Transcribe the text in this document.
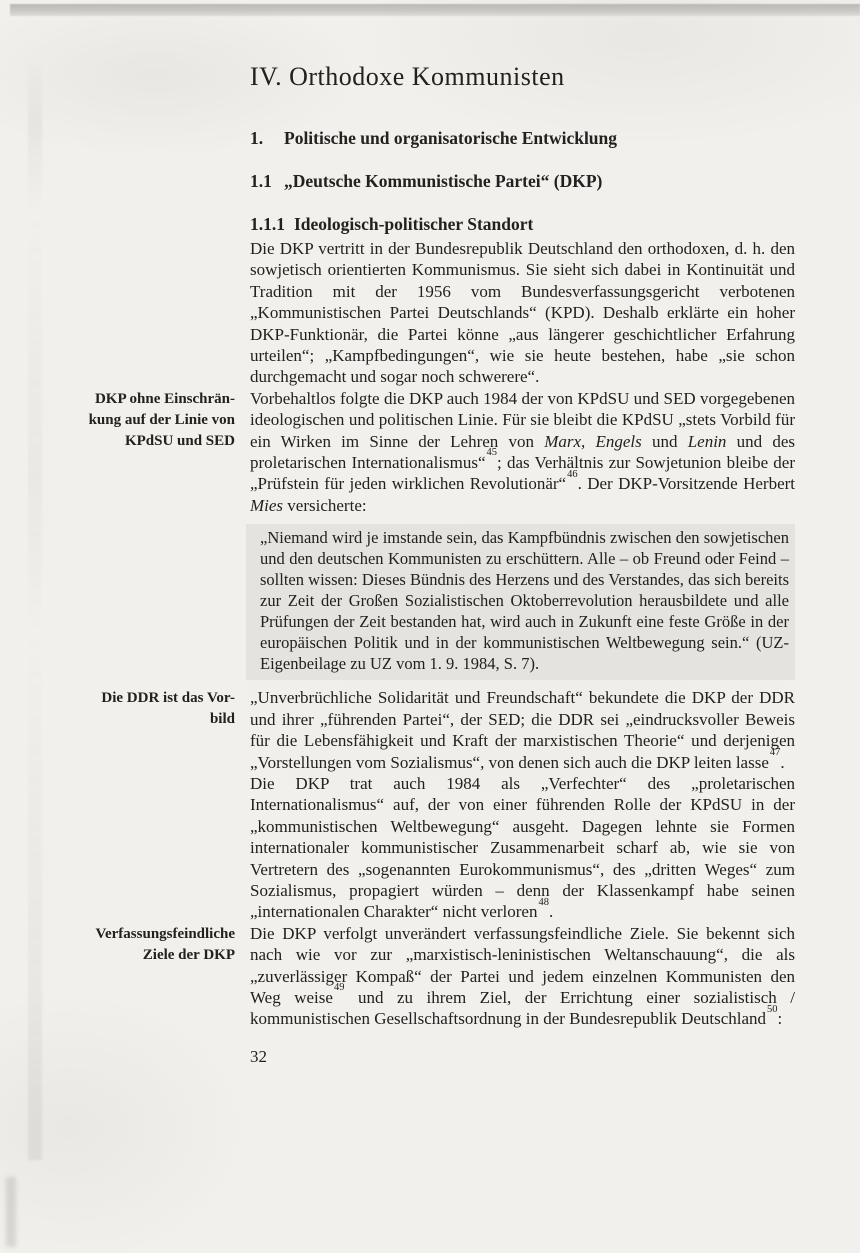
IV. Orthodoxe Kommunisten
1. Politische und organisatorische Entwicklung
1.1 „Deutsche Kommunistische Partei“ (DKP)
1.1.1 Ideologisch-politischer Standort

Die DKP vertritt in der Bundesrepublik Deutschland den orthodoxen, d. h. den sowjetisch orientierten Kommunismus. Sie sieht sich dabei in Kontinuität und Tradition mit der 1956 vom Bundesverfassungsgericht verbotenen „Kommunistischen Partei Deutschlands“ (KPD). Deshalb erklärte ein hoher DKP-Funktionär, die Partei könne „aus längerer geschichtlicher Erfahrung urteilen“; „Kampfbedingungen“, wie sie heute bestehen, habe „sie schon durchgemacht und sogar noch schwerere“.

DKP ohne Einschrän-
kung auf der Linie von
KPdSU und SED

Vorbehaltlos folgte die DKP auch 1984 der von KPdSU und SED vorgegebenen ideologischen und politischen Linie. Für sie bleibt die KPdSU „stets Vorbild für ein Wirken im Sinne der Lehren von Marx, Engels und Lenin und des proletarischen Internationalismus“$^{45}$; das Verhältnis zur Sowjetunion bleibe der „Prüfstein für jeden wirklichen Revolutionär“$^{46}$. Der DKP-Vorsitzende Herbert Mies versicherte:

„Niemand wird je imstande sein, das Kampfbündnis zwischen den sowjetischen und den deutschen Kommunisten zu erschüttern. Alle – ob Freund oder Feind – sollten wissen: Dieses Bündnis des Herzens und des Verstandes, das sich bereits zur Zeit der Großen Sozialistischen Oktoberrevolution herausbildete und alle Prüfungen der Zeit bestanden hat, wird auch in Zukunft eine feste Größe in der europäischen Politik und in der kommunistischen Weltbewegung sein.“ (UZ-Eigenbeilage zu UZ vom 1. 9. 1984, S. 7).
Die DDR ist das Vor-
bild

„Unverbrüchliche Solidarität und Freundschaft“ bekundete die DKP der DDR und ihrer „führenden Partei“, der SED; die DDR sei „eindrucksvoller Beweis für die Lebensfähigkeit und Kraft der marxistischen Theorie“ und derjenigen „Vorstellungen vom Sozialismus“, von denen sich auch die DKP leiten lasse$^{47}$.

Die DKP trat auch 1984 als „Verfechter“ des „proletarischen Internationalismus“ auf, der von einer führenden Rolle der KPdSU in der „kommunistischen Weltbewegung“ ausgeht. Dagegen lehnte sie Formen internationaler kommunistischer Zusammenarbeit scharf ab, wie sie von Vertretern des „sogenannten Eurokommunismus“, des „dritten Weges“ zum Sozialismus, propagiert würden – denn der Klassenkampf habe seinen „internationalen Charakter“ nicht verloren$^{48}$.

Verfassungsfeindliche
Ziele der DKP

Die DKP verfolgt unverändert verfassungsfeindliche Ziele. Sie bekennt sich nach wie vor zur „marxistisch-leninistischen Weltanschauung“, die als „zuverlässiger Kompaß“ der Partei und jedem einzelnen Kommunisten den Weg weise$^{49}$ und zu ihrem Ziel, der Errichtung einer sozialistisch / kommunistischen Gesellschaftsordnung in der Bundesrepublik Deutschland$^{50}$:

32
